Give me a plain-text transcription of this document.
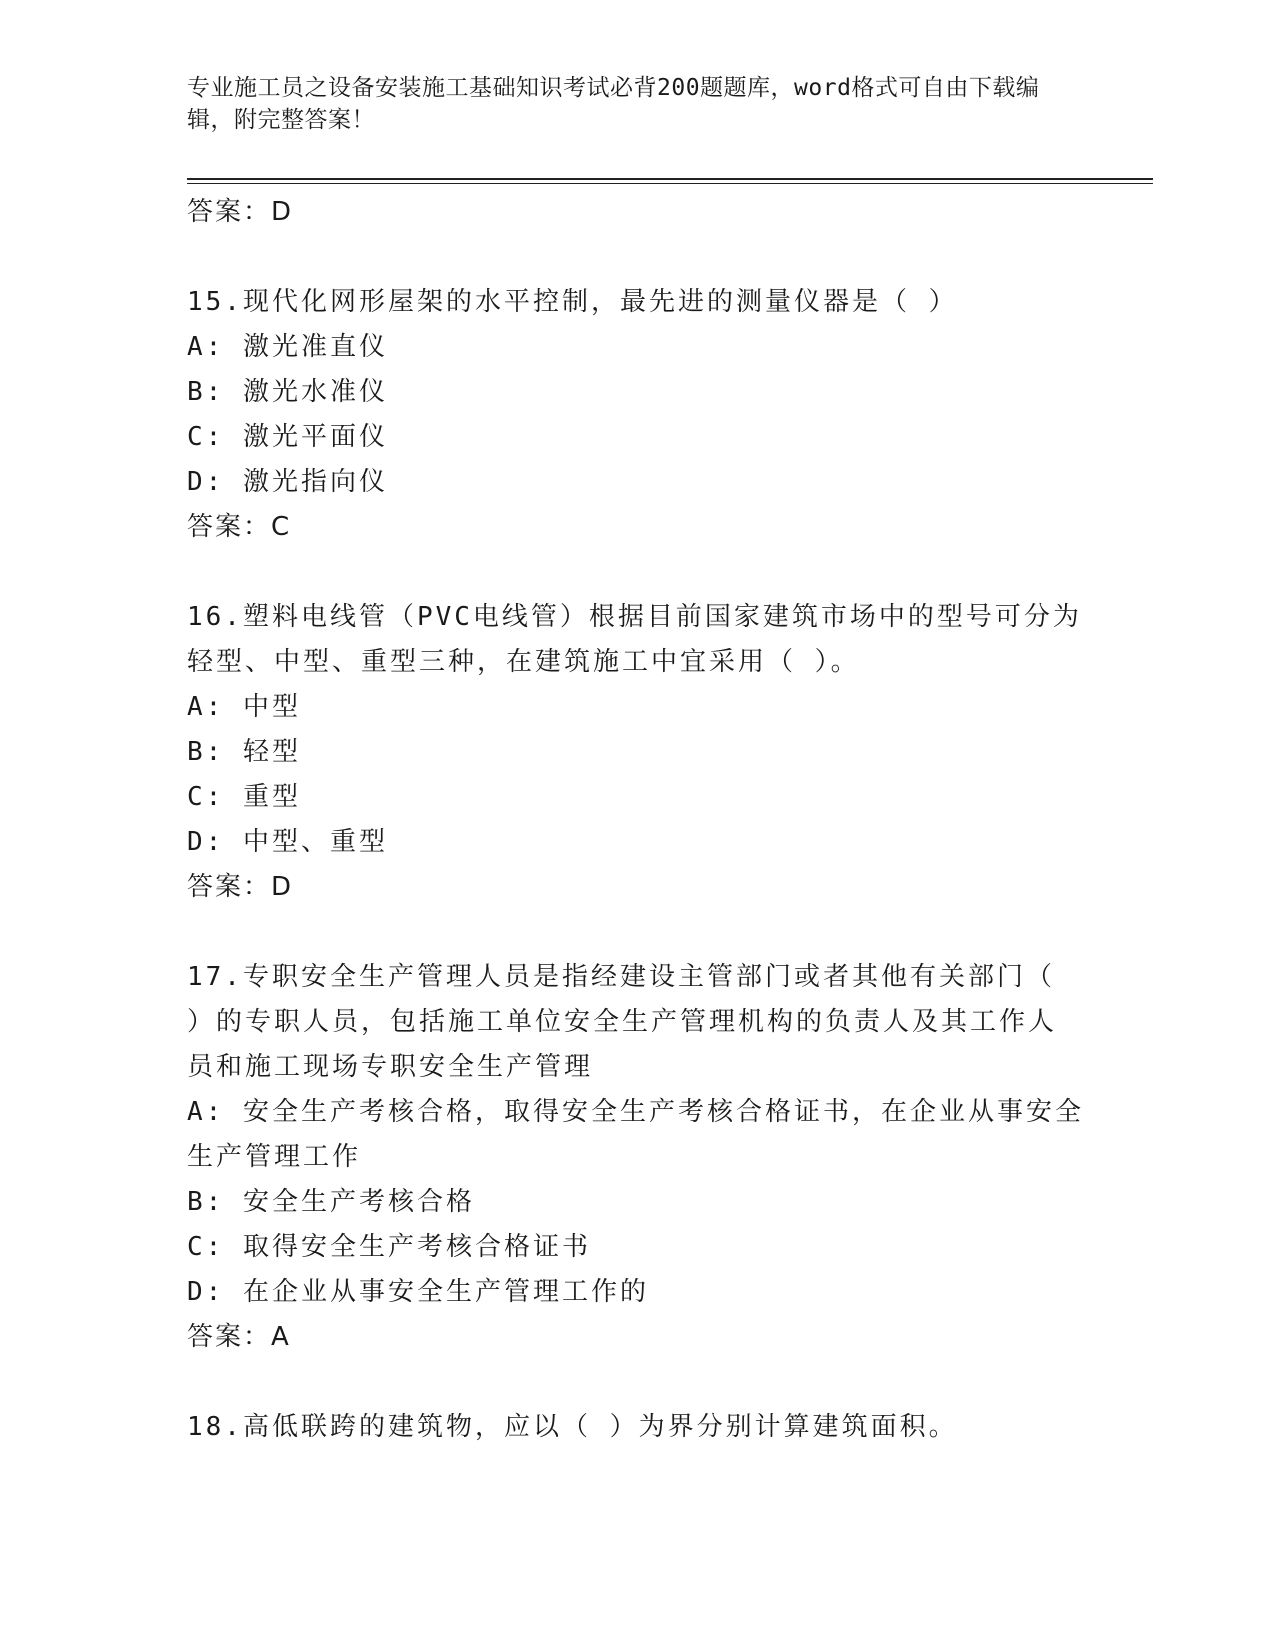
专业施工员之设备安装施工基础知识考试必背200题题库，word格式可自由下载编辑，附完整答案！

答案：D

15.现代化网形屋架的水平控制，最先进的测量仪器是（ ）

A: 激光准直仪

B: 激光水准仪

C: 激光平面仪

D: 激光指向仪

答案：C

16.塑料电线管（PVC电线管）根据目前国家建筑市场中的型号可分为

轻型、中型、重型三种，在建筑施工中宜采用（ ）。

A: 中型

B: 轻型

C: 重型

D: 中型、重型

答案：D

17.专职安全生产管理人员是指经建设主管部门或者其他有关部门（

）的专职人员，包括施工单位安全生产管理机构的负责人及其工作人

员和施工现场专职安全生产管理

A: 安全生产考核合格，取得安全生产考核合格证书，在企业从事安全

生产管理工作

B: 安全生产考核合格

C: 取得安全生产考核合格证书

D: 在企业从事安全生产管理工作的

答案：A

18.高低联跨的建筑物，应以（ ）为界分别计算建筑面积。
